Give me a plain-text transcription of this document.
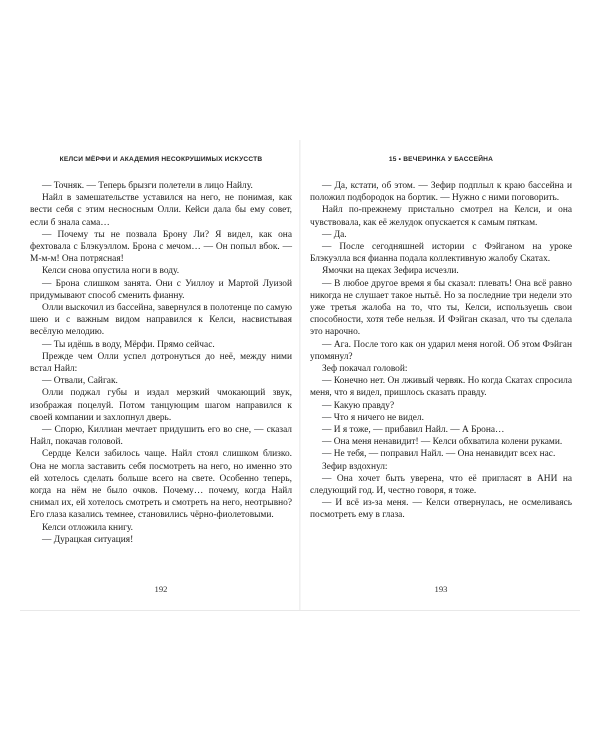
КЕЛСИ МЁРФИ И АКАДЕМИЯ НЕСОКРУШИМЫХ ИСКУССТВ

— Точняк. — Теперь брызги полетели в лицо Найлу.

Найл в замешательстве уставился на него, не понимая, как вести себя с этим несносным Олли. Кейси дала бы ему совет, если б знала сама…

— Почему ты не позвала Брону Ли? Я видел, как она фехтовала с Блэкуэллом. Брона с мечом… — Он попыл вбок. — М-м-м! Она потрясная!

Келси снова опустила ноги в воду.

— Брона слишком занята. Они с Уиллоу и Мартой Луизой придумывают способ сменить фианну.

Олли выскочил из бассейна, завернулся в полотенце по самую шею и с важным видом направился к Келси, насвистывая весёлую мелодию.

— Ты идёшь в воду, Мёрфи. Прямо сейчас.

Прежде чем Олли успел дотронуться до неё, между ними встал Найл:

— Отвали, Сайгак.

Олли поджал губы и издал мерзкий чмокающий звук, изображая поцелуй. Потом танцующим шагом направился к своей компании и захлопнул дверь.

— Спорю, Киллиан мечтает придушить его во сне, — сказал Найл, покачав головой.

Сердце Келси забилось чаще. Найл стоял слишком близко. Она не могла заставить себя посмотреть на него, но именно это ей хотелось сделать больше всего на свете. Особенно теперь, когда на нём не было очков. Почему… почему, когда Найл снимал их, ей хотелось смотреть и смотреть на него, неотрывно? Его глаза казались темнее, становились чёрно-фиолетовыми.

Келси отложила книгу.

— Дурацкая ситуация!

192
15 • ВЕЧЕРИНКА У БАССЕЙНА

— Да, кстати, об этом. — Зефир подплыл к краю бассейна и положил подбородок на бортик. — Нужно с ними поговорить.

Найл по-прежнему пристально смотрел на Келси, и она чувствовала, как её желудок опускается к самым пяткам.

— Да.

— После сегодняшней истории с Фэйганом на уроке Блэкуэлла вся фианна подала коллективную жалобу Скатах.

Ямочки на щеках Зефира исчезли.

— В любое другое время я бы сказал: плевать! Она всё равно никогда не слушает такое нытьё. Но за последние три недели это уже третья жалоба на то, что ты, Келси, используешь свои способности, хотя тебе нельзя. И Фэйган сказал, что ты сделала это нарочно.

— Ага. После того как он ударил меня ногой. Об этом Фэйган упомянул?

Зеф покачал головой:

— Конечно нет. Он лживый червяк. Но когда Скатах спросила меня, что я видел, пришлось сказать правду.

— Какую правду?

— Что я ничего не видел.

— И я тоже, — прибавил Найл. — А Брона…

— Она меня ненавидит! — Келси обхватила колени руками.

— Не тебя, — поправил Найл. — Она ненавидит всех нас.

Зефир вздохнул:

— Она хочет быть уверена, что её пригласят в АНИ на следующий год. И, честно говоря, я тоже.

— И всё из-за меня. — Келси отвернулась, не осмеливаясь посмотреть ему в глаза.

193
